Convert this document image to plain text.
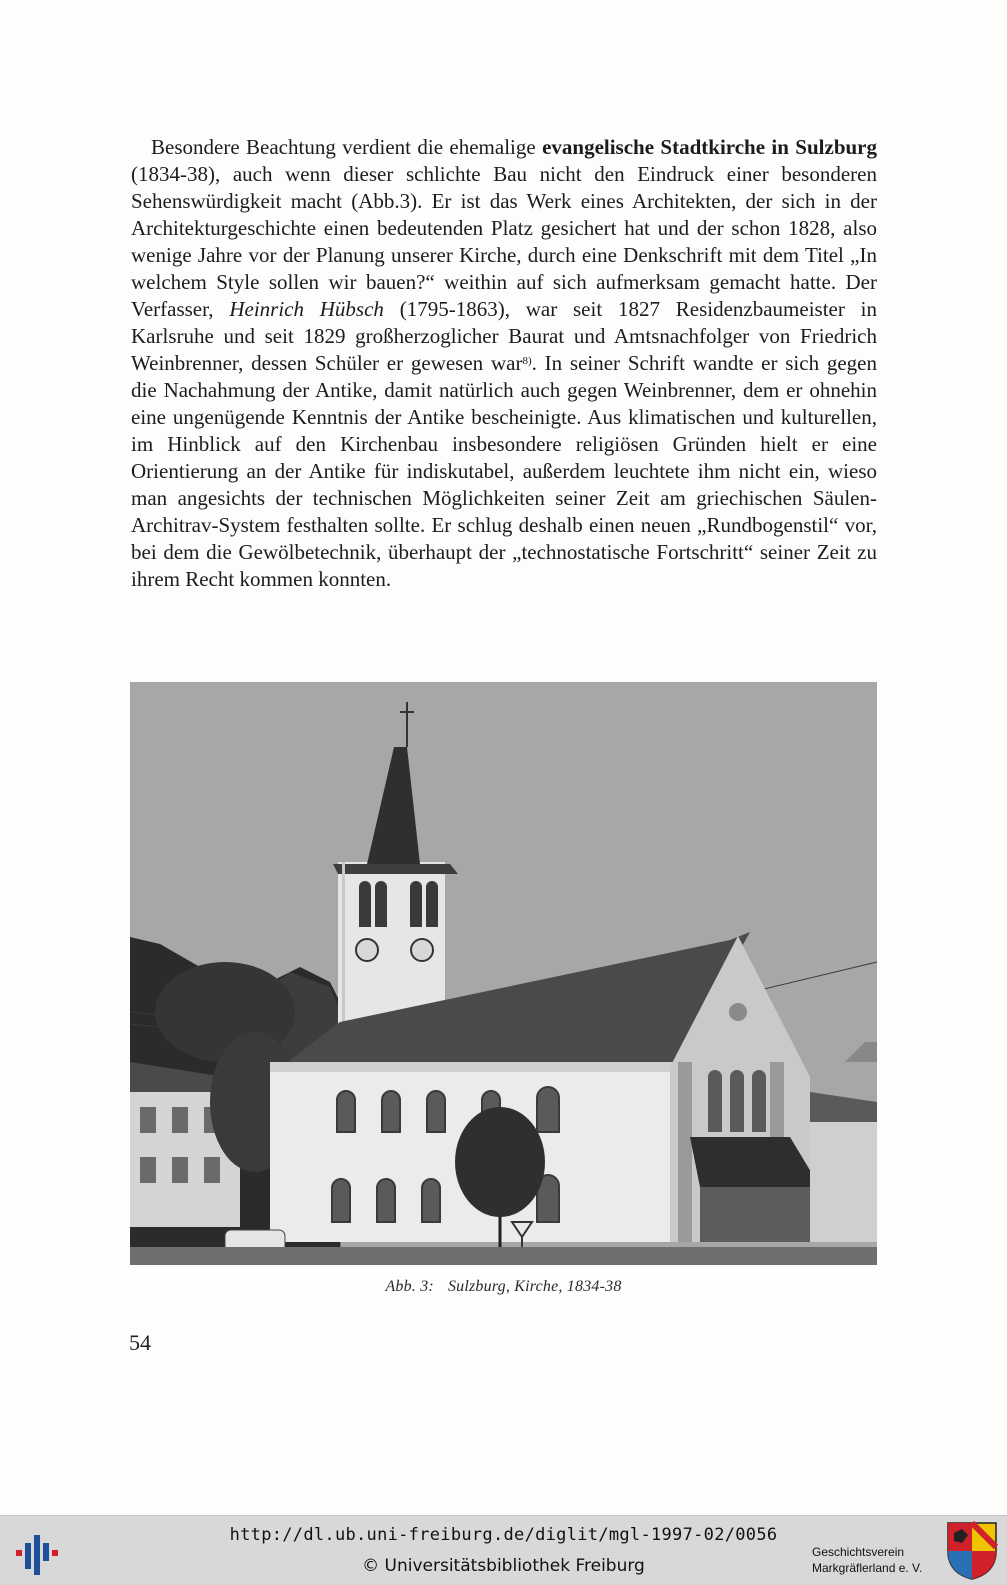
Besondere Beachtung verdient die ehemalige evangelische Stadtkirche in Sulzburg (1834-38), auch wenn dieser schlichte Bau nicht den Eindruck einer besonderen Sehenswürdigkeit macht (Abb.3). Er ist das Werk eines Architekten, der sich in der Architekturgeschichte einen bedeutenden Platz gesichert hat und der schon 1828, also wenige Jahre vor der Planung unserer Kirche, durch eine Denkschrift mit dem Titel „In welchem Style sollen wir bauen?“ weithin auf sich aufmerksam gemacht hatte. Der Verfasser, Heinrich Hübsch (1795-1863), war seit 1827 Residenzbaumeister in Karlsruhe und seit 1829 großherzoglicher Baurat und Amtsnachfolger von Friedrich Weinbrenner, dessen Schüler er gewesen war$^{8)}$. In seiner Schrift wandte er sich gegen die Nachahmung der Antike, damit natürlich auch gegen Weinbrenner, dem er ohnehin eine ungenügende Kenntnis der Antike bescheinigte. Aus klimatischen und kulturellen, im Hinblick auf den Kirchenbau insbesondere religiösen Gründen hielt er eine Orientierung an der Antike für indiskutabel, außerdem leuchtete ihm nicht ein, wieso man angesichts der technischen Möglichkeiten seiner Zeit am griechischen Säulen-Architrav-System festhalten sollte. Er schlug deshalb einen neuen „Rundbogenstil“ vor, bei dem die Gewölbetechnik, überhaupt der „technostatische Fortschritt“ seiner Zeit zu ihrem Recht kommen konnten.

Abb. 3: Sulzburg, Kirche, 1834-38
54
http://dl.ub.uni-freiburg.de/diglit/mgl-1997-02/0056
© Universitätsbibliothek Freiburg
Geschichtsverein
Markgräflerland e. V.
